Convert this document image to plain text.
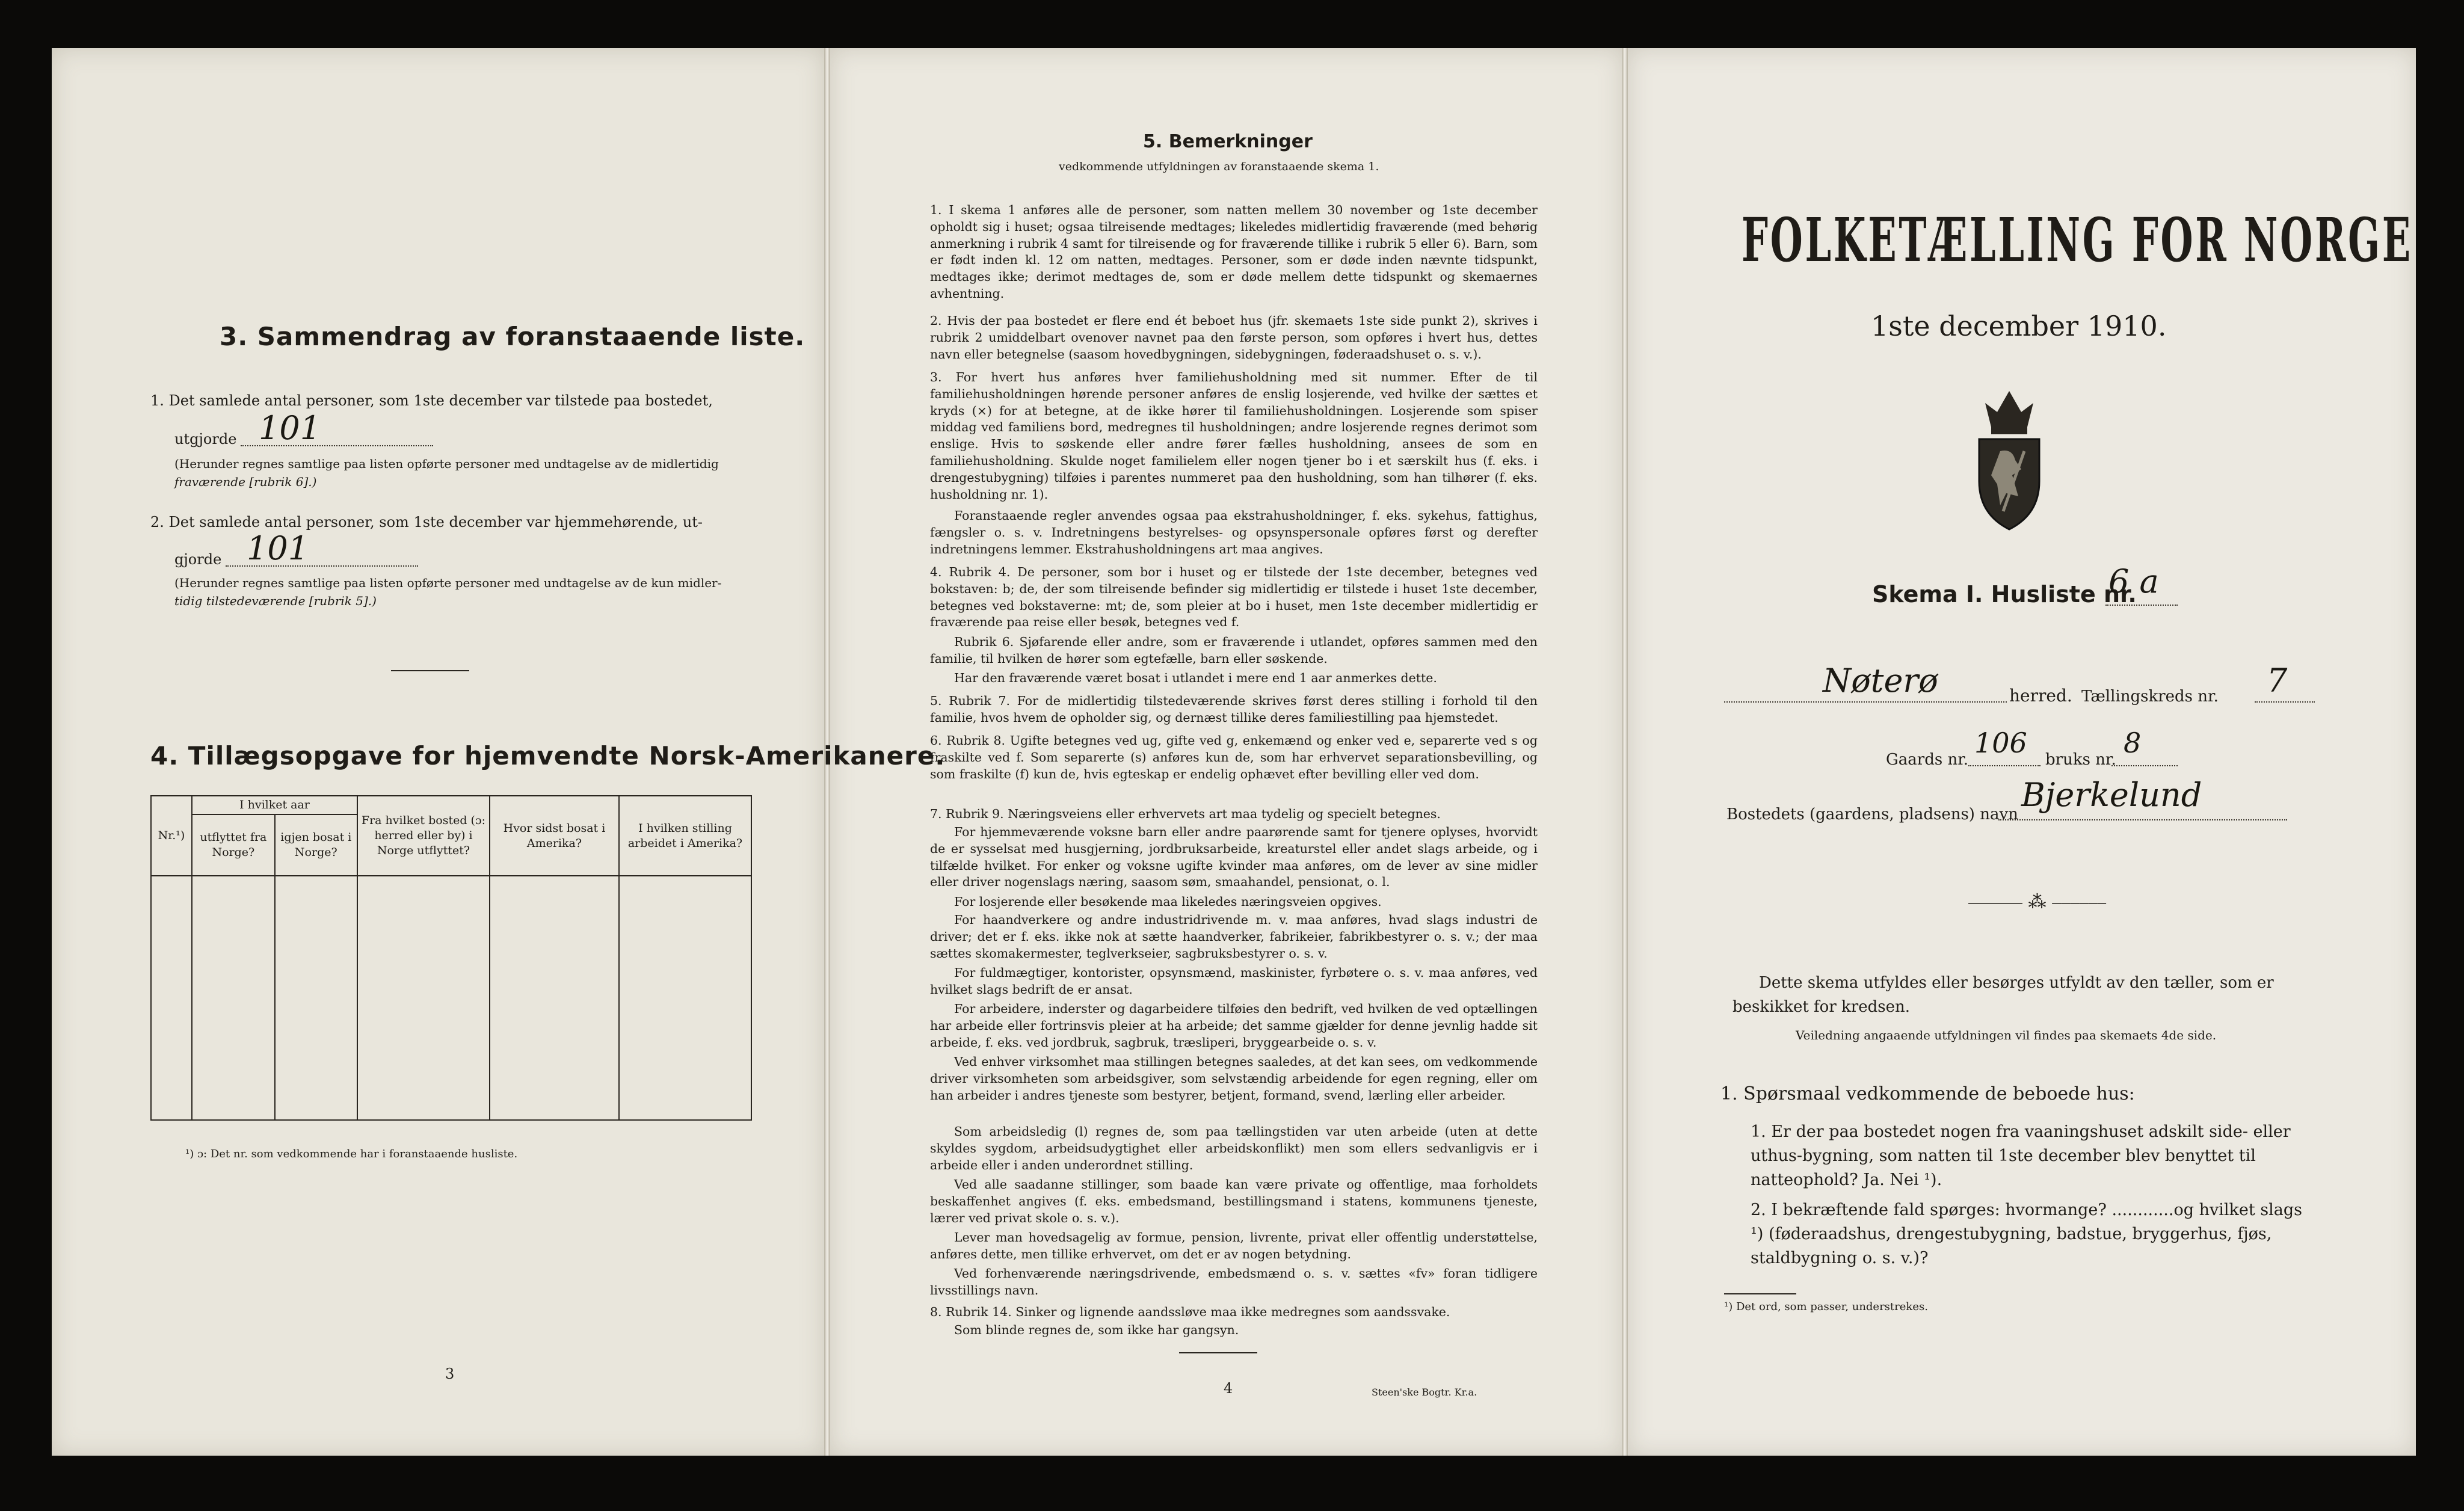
3. Sammendrag av foranstaaende liste.
1. Det samlede antal personer, som 1ste december var tilstede paa bostedet,
utgjorde 101
(Herunder regnes samtlige paa listen opførte personer med undtagelse av de midlertidig
fraværende [rubrik 6].)
2. Det samlede antal personer, som 1ste december var hjemmehørende, ut-
gjorde 101
(Herunder regnes samtlige paa listen opførte personer med undtagelse av de kun midler-
tidig tilstedeværende [rubrik 5].)
4. Tillægsopgave for hjemvendte Norsk-Amerikanere.
Nr.¹)	I hvilket aar		Fra hvilket bosted (ɔ: herred eller by) i Norge utflyttet?	Hvor sidst bosat i Amerika?	I hvilken stilling arbeidet i Amerika?
	utflyttet fra Norge?	igjen bosat i Norge?			

¹) ɔ: Det nr. som vedkommende har i foranstaaende husliste.
3
5. Bemerkninger
vedkommende utfyldningen av foranstaaende skema 1.
1. I skema 1 anføres alle de personer, som natten mellem 30 november og 1ste december opholdt sig i huset; ogsaa tilreisende medtages; likeledes midlertidig fraværende (med behørig anmerkning i rubrik 4 samt for tilreisende og for fraværende tillike i rubrik 5 eller 6). Barn, som er født inden kl. 12 om natten, medtages. Personer, som er døde inden nævnte tidspunkt, medtages ikke; derimot medtages de, som er døde mellem dette tidspunkt og skemaernes avhentning.
2. Hvis der paa bostedet er flere end ét beboet hus (jfr. skemaets 1ste side punkt 2), skrives i rubrik 2 umiddelbart ovenover navnet paa den første person, som opføres i hvert hus, dettes navn eller betegnelse (saasom hovedbygningen, sidebygningen, føderaadshuset o. s. v.).
3. For hvert hus anføres hver familiehusholdning med sit nummer. Efter de til familiehusholdningen hørende personer anføres de enslig losjerende, ved hvilke der sættes et kryds (×) for at betegne, at de ikke hører til familiehusholdningen. Losjerende som spiser middag ved familiens bord, medregnes til husholdningen; andre losjerende regnes derimot som enslige. Hvis to søskende eller andre fører fælles husholdning, ansees de som en familiehusholdning. Skulde noget familielem eller nogen tjener bo i et særskilt hus (f. eks. i drengestubygning) tilføies i parentes nummeret paa den husholdning, som han tilhører (f. eks. husholdning nr. 1).
Foranstaaende regler anvendes ogsaa paa ekstrahusholdninger, f. eks. sykehus, fattighus, fængsler o. s. v. Indretningens bestyrelses- og opsynspersonale opføres først og derefter indretningens lemmer. Ekstrahusholdningens art maa angives.
4. Rubrik 4. De personer, som bor i huset og er tilstede der 1ste december, betegnes ved bokstaven: b; de, der som tilreisende befinder sig midlertidig er tilstede i huset 1ste december, betegnes ved bokstaverne: mt; de, som pleier at bo i huset, men 1ste december midlertidig er fraværende paa reise eller besøk, betegnes ved f.
Rubrik 6. Sjøfarende eller andre, som er fraværende i utlandet, opføres sammen med den familie, til hvilken de hører som egtefælle, barn eller søskende.
Har den fraværende været bosat i utlandet i mere end 1 aar anmerkes dette.
5. Rubrik 7. For de midlertidig tilstedeværende skrives først deres stilling i forhold til den familie, hvos hvem de opholder sig, og dernæst tillike deres familiestilling paa hjemstedet.
6. Rubrik 8. Ugifte betegnes ved ug, gifte ved g, enkemænd og enker ved e, separerte ved s og fraskilte ved f. Som separerte (s) anføres kun de, som har erhvervet separationsbevilling, og som fraskilte (f) kun de, hvis egteskap er endelig ophævet efter bevilling eller ved dom.
7. Rubrik 9. Næringsveiens eller erhvervets art maa tydelig og specielt betegnes.
For hjemmeværende voksne barn eller andre paarørende samt for tjenere oplyses, hvorvidt de er sysselsat med husgjerning, jordbruksarbeide, kreaturstel eller andet slags arbeide, og i tilfælde hvilket. For enker og voksne ugifte kvinder maa anføres, om de lever av sine midler eller driver nogenslags næring, saasom søm, smaahandel, pensionat, o. l.
For losjerende eller besøkende maa likeledes næringsveien opgives.
For haandverkere og andre industridrivende m. v. maa anføres, hvad slags industri de driver; det er f. eks. ikke nok at sætte haandverker, fabrikeier, fabrikbestyrer o. s. v.; der maa sættes skomakermester, teglverkseier, sagbruksbestyrer o. s. v.
For fuldmægtiger, kontorister, opsynsmænd, maskinister, fyrbøtere o. s. v. maa anføres, ved hvilket slags bedrift de er ansat.
For arbeidere, inderster og dagarbeidere tilføies den bedrift, ved hvilken de ved optællingen har arbeide eller fortrinsvis pleier at ha arbeide; det samme gjælder for denne jevnlig hadde sit arbeide, f. eks. ved jordbruk, sagbruk, træsliperi, bryggearbeide o. s. v.
Ved enhver virksomhet maa stillingen betegnes saaledes, at det kan sees, om vedkommende driver virksomheten som arbeidsgiver, som selvstændig arbeidende for egen regning, eller om han arbeider i andres tjeneste som bestyrer, betjent, formand, svend, lærling eller arbeider.
Som arbeidsledig (l) regnes de, som paa tællingstiden var uten arbeide (uten at dette skyldes sygdom, arbeidsudygtighet eller arbeidskonflikt) men som ellers sedvanligvis er i arbeide eller i anden underordnet stilling.
Ved alle saadanne stillinger, som baade kan være private og offentlige, maa forholdets beskaffenhet angives (f. eks. embedsmand, bestillingsmand i statens, kommunens tjeneste, lærer ved privat skole o. s. v.).
Lever man hovedsagelig av formue, pension, livrente, privat eller offentlig understøttelse, anføres dette, men tillike erhvervet, om det er av nogen betydning.
Ved forhenværende næringsdrivende, embedsmænd o. s. v. sættes «fv» foran tidligere livsstillings navn.
8. Rubrik 14. Sinker og lignende aandssløve maa ikke medregnes som aandssvake.
Som blinde regnes de, som ikke har gangsyn.
4	Steen'ske Bogtr. Kr.a.
FOLKETÆLLING FOR NORGE
1ste december 1910.
Skema I. Husliste nr.
6 a
Nøterø	herred. Tællingskreds nr. 7
Gaards nr.
106
bruks nr.
8
Bostedets (gaardens, pladsens) navn
Bjerkelund
⎯⎯⎯⎯⎯⎯ ⁂ ⎯⎯⎯⎯⎯⎯
Dette skema utfyldes eller besørges utfyldt av den tæller, som er beskikket for kredsen.
Veiledning angaaende utfyldningen vil findes paa skemaets 4de side.
1. Spørsmaal vedkommende de beboede hus:
1. Er der paa bostedet nogen fra vaaningshuset adskilt side- eller uthus-bygning, som natten til 1ste december blev benyttet til natteophold? Ja. Nei ¹).
2. I bekræftende fald spørges: hvormange? ............og hvilket slags ¹) (føderaadshus, drengestubygning, badstue, bryggerhus, fjøs, staldbygning o. s. v.)?
¹) Det ord, som passer, understrekes.
